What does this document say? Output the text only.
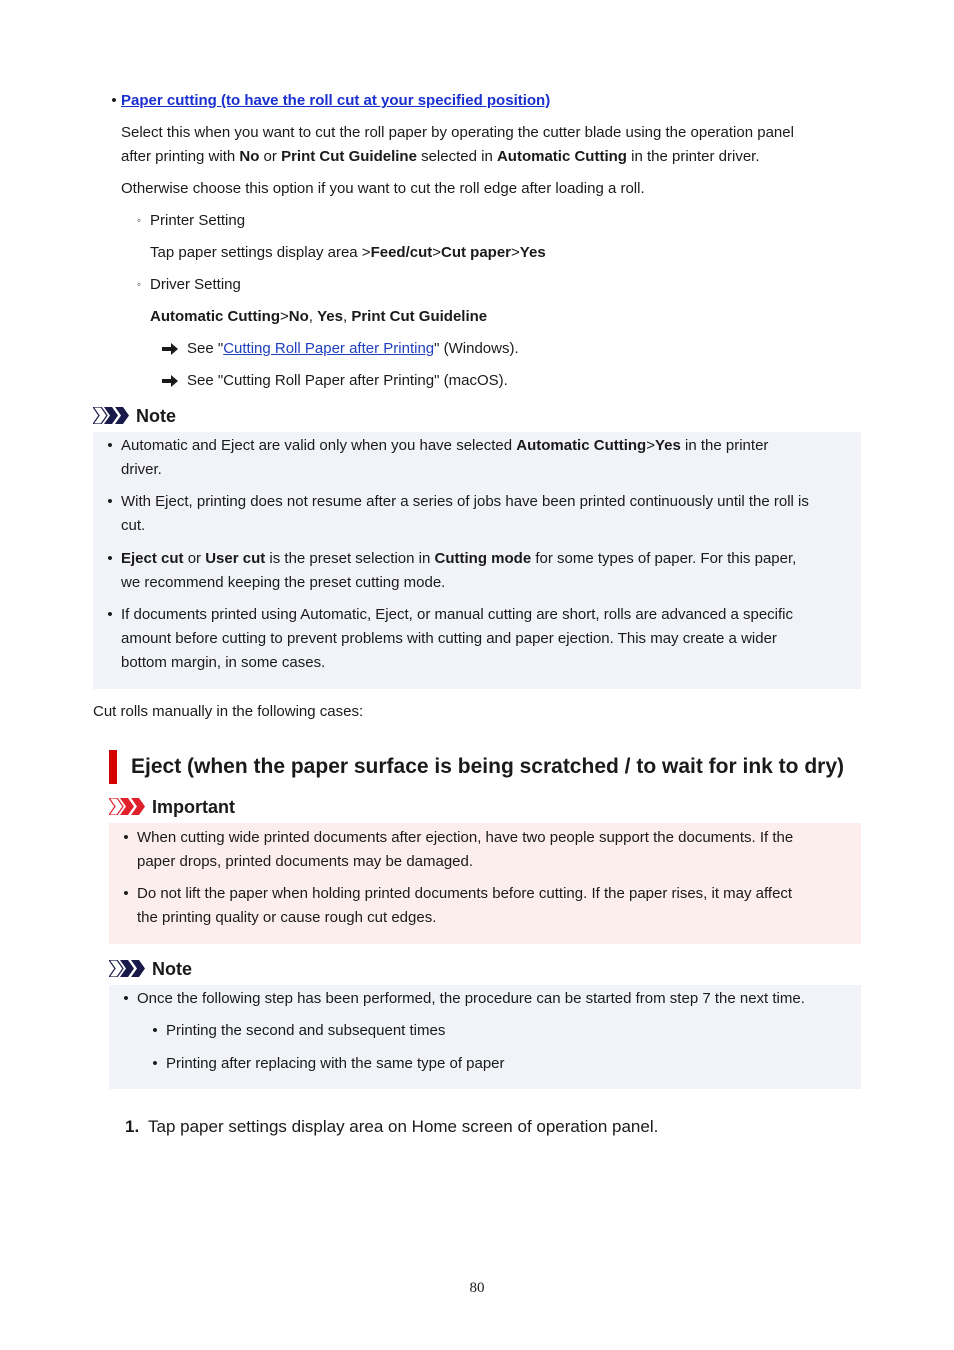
• Paper cutting (to have the roll cut at your specified position)
Select this when you want to cut the roll paper by operating the cutter blade using the operation panel
after printing with No or Print Cut Guideline selected in Automatic Cutting in the printer driver.
Otherwise choose this option if you want to cut the roll edge after loading a roll.
◦ Printer Setting
Tap paper settings display area >Feed/cut>Cut paper>Yes
◦ Driver Setting
Automatic Cutting>No, Yes, Print Cut Guideline
See "Cutting Roll Paper after Printing" (Windows).
See "Cutting Roll Paper after Printing" (macOS).
Note
• Automatic and Eject are valid only when you have selected Automatic Cutting>Yes in the printer
driver.
• With Eject, printing does not resume after a series of jobs have been printed continuously until the roll is
cut.
• Eject cut or User cut is the preset selection in Cutting mode for some types of paper. For this paper,
we recommend keeping the preset cutting mode.
• If documents printed using Automatic, Eject, or manual cutting are short, rolls are advanced a specific
amount before cutting to prevent problems with cutting and paper ejection. This may create a wider
bottom margin, in some cases.
Cut rolls manually in the following cases:
Eject (when the paper surface is being scratched / to wait for ink to dry)
Important
• When cutting wide printed documents after ejection, have two people support the documents. If the
paper drops, printed documents may be damaged.
• Do not lift the paper when holding printed documents before cutting. If the paper rises, it may affect
the printing quality or cause rough cut edges.
Note
• Once the following step has been performed, the procedure can be started from step 7 the next time.
• Printing the second and subsequent times
• Printing after replacing with the same type of paper
1. Tap paper settings display area on Home screen of operation panel.
80
